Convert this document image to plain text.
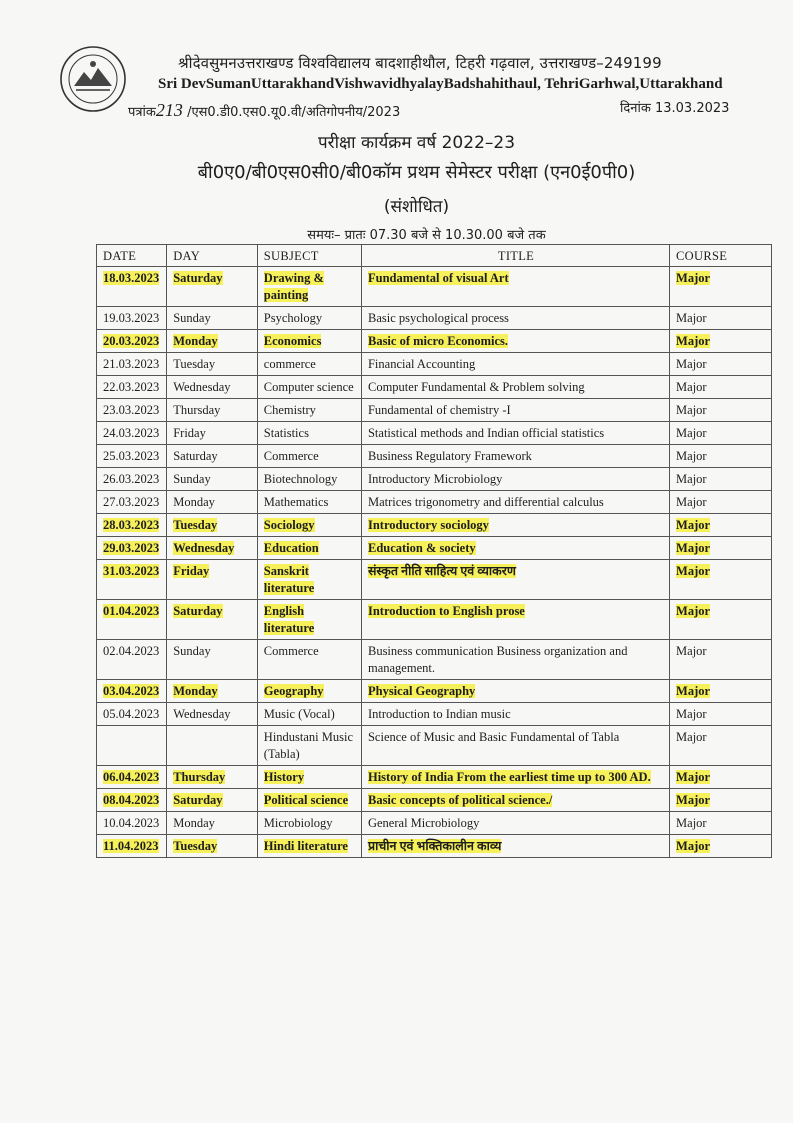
श्रीदेवसुमनउत्तराखण्ड विश्वविद्यालय बादशाहीथौल, टिहरी गढ़वाल, उत्तराखण्ड–249199
Sri DevSumanUttarakhandVishwavidhyalayBadshahithaul, TehriGarhwal,Uttarakhand
पत्रांक213 /एस0.डी0.एस0.यू0.वी/अतिगोपनीय/2023	दिनांक 13.03.2023
परीक्षा कार्यक्रम वर्ष 2022–23
बी0ए0/बी0एस0सी0/बी0कॉम प्रथम सेमेस्टर परीक्षा (एन0ई0पी0)
(संशोधित)
समयः– प्रातः 07.30 बजे से 10.30.00 बजे तक
DATE	DAY	SUBJECT	TITLE	COURSE
18.03.2023	Saturday	Drawing & painting	Fundamental of visual Art	Major
19.03.2023	Sunday	Psychology	Basic psychological process	Major
20.03.2023	Monday	Economics	Basic of micro Economics.	Major
21.03.2023	Tuesday	commerce	Financial Accounting	Major
22.03.2023	Wednesday	Computer science	Computer Fundamental & Problem solving	Major
23.03.2023	Thursday	Chemistry	Fundamental of chemistry -I	Major
24.03.2023	Friday	Statistics	Statistical methods and Indian official statistics	Major
25.03.2023	Saturday	Commerce	Business Regulatory Framework	Major
26.03.2023	Sunday	Biotechnology	Introductory Microbiology	Major
27.03.2023	Monday	Mathematics	Matrices trigonometry and differential calculus	Major
28.03.2023	Tuesday	Sociology	Introductory sociology	Major
29.03.2023	Wednesday	Education	Education & society	Major
31.03.2023	Friday	Sanskrit literature	संस्कृत नीति साहित्य एवं व्याकरण	Major
01.04.2023	Saturday	English literature	Introduction to English prose	Major
02.04.2023	Sunday	Commerce	Business communication Business organization and management.	Major
03.04.2023	Monday	Geography	Physical Geography	Major
05.04.2023	Wednesday	Music (Vocal)	Introduction to Indian music	Major
		Hindustani Music (Tabla)	Science of Music and Basic Fundamental of Tabla	Major
06.04.2023	Thursday	History	History of India From the earliest time up to 300 AD.	Major
08.04.2023	Saturday	Political science	Basic concepts of political science./	Major
10.04.2023	Monday	Microbiology	General Microbiology	Major
11.04.2023	Tuesday	Hindi literature	प्राचीन एवं भक्तिकालीन काव्य	Major
